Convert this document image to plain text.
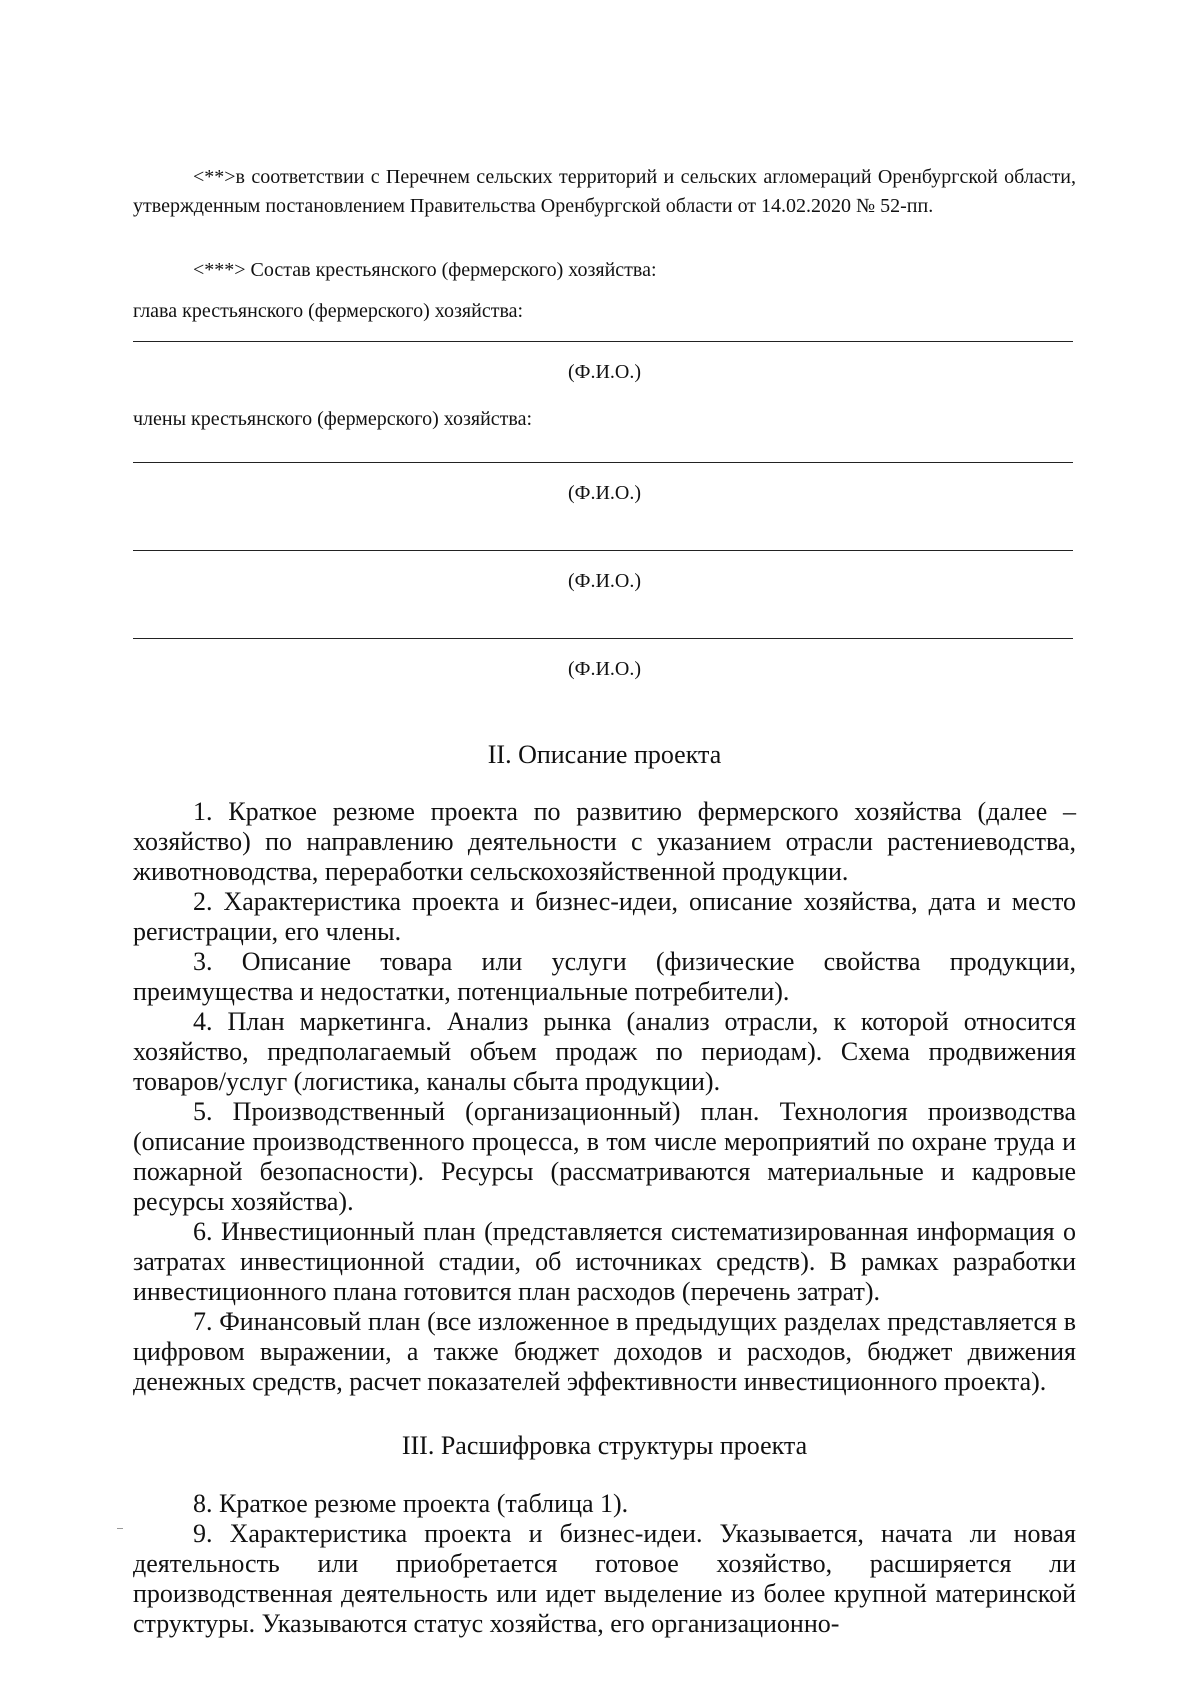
<**>в соответствии с Перечнем сельских территорий и сельских агломераций Оренбургской области, утвержденным постановлением Правительства Оренбургской области от 14.02.2020 № 52-пп.

<***> Состав крестьянского (фермерского) хозяйства:

глава крестьянского (фермерского) хозяйства:

(Ф.И.О.)

члены крестьянского (фермерского) хозяйства:

(Ф.И.О.)

(Ф.И.О.)

(Ф.И.О.)

II. Описание проекта

1. Краткое резюме проекта по развитию фермерского хозяйства (далее – хозяйство) по направлению деятельности с указанием отрасли растениеводства, животноводства, переработки сельскохозяйственной продукции.

2. Характеристика проекта и бизнес-идеи, описание хозяйства, дата и место регистрации, его члены.

3. Описание товара или услуги (физические свойства продукции, преимущества и недостатки, потенциальные потребители).

4. План маркетинга. Анализ рынка (анализ отрасли, к которой относится хозяйство, предполагаемый объем продаж по периодам). Схема продвижения товаров/услуг (логистика, каналы сбыта продукции).

5. Производственный (организационный) план. Технология производства (описание производственного процесса, в том числе мероприятий по охране труда и пожарной безопасности). Ресурсы (рассматриваются материальные и кадровые ресурсы хозяйства).

6. Инвестиционный план (представляется систематизированная информация о затратах инвестиционной стадии, об источниках средств). В рамках разработки инвестиционного плана готовится план расходов (перечень затрат).

7. Финансовый план (все изложенное в предыдущих разделах представляется в цифровом выражении, а также бюджет доходов и расходов, бюджет движения денежных средств, расчет показателей эффективности инвестиционного проекта).

III. Расшифровка структуры проекта

8. Краткое резюме проекта (таблица 1).

9. Характеристика проекта и бизнес-идеи. Указывается, начата ли новая деятельность или приобретается готовое хозяйство, расширяется ли производственная деятельность или идет выделение из более крупной материнской структуры. Указываются статус хозяйства, его организационно-
